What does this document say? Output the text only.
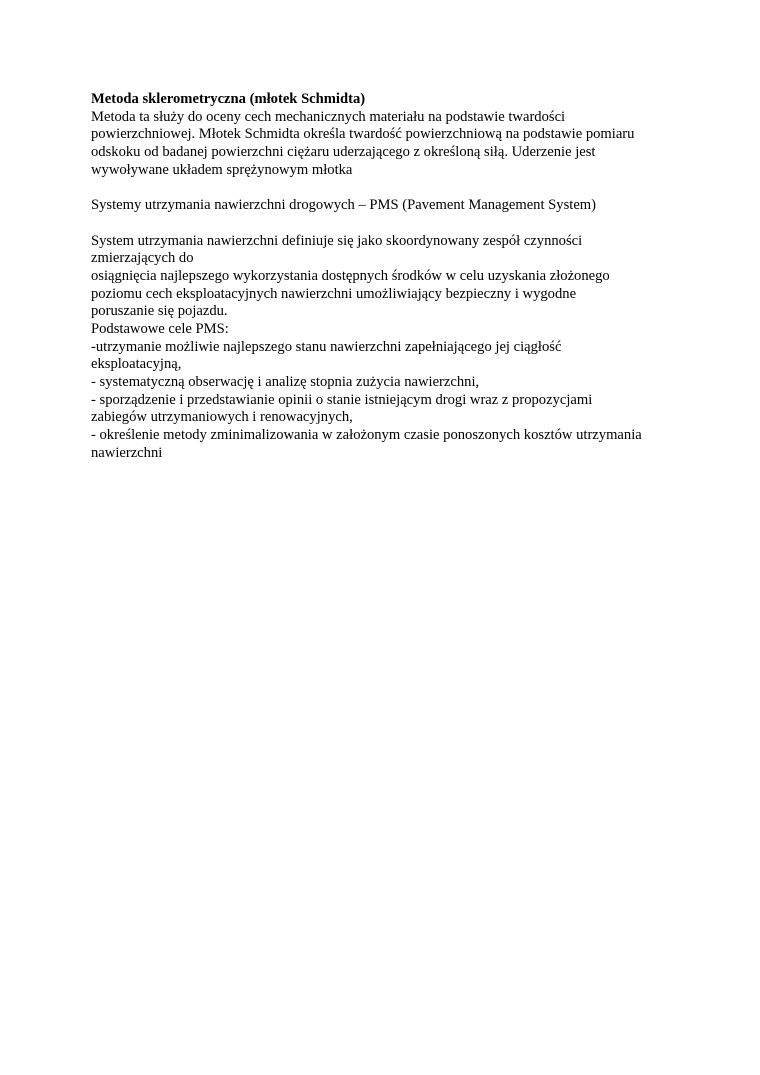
Metoda sklerometryczna (młotek Schmidta)
Metoda ta służy do oceny cech mechanicznych materiału na podstawie twardości
powierzchniowej. Młotek Schmidta określa twardość powierzchniową na podstawie pomiaru
odskoku od badanej powierzchni ciężaru uderzającego z określoną siłą. Uderzenie jest
wywoływane układem sprężynowym młotka
Systemy utrzymania nawierzchni drogowych – PMS (Pavement Management System)
System utrzymania nawierzchni definiuje się jako skoordynowany zespół czynności
zmierzających do
osiągnięcia najlepszego wykorzystania dostępnych środków w celu uzyskania złożonego
poziomu cech eksploatacyjnych nawierzchni umożliwiający bezpieczny i wygodne
poruszanie się pojazdu.
Podstawowe cele PMS:
-utrzymanie możliwie najlepszego stanu nawierzchni zapełniającego jej ciągłość
eksploatacyjną,
- systematyczną obserwację i analizę stopnia zużycia nawierzchni,
- sporządzenie i przedstawianie opinii o stanie istniejącym drogi wraz z propozycjami
zabiegów utrzymaniowych i renowacyjnych,
- określenie metody zminimalizowania w założonym czasie ponoszonych kosztów utrzymania
nawierzchni
